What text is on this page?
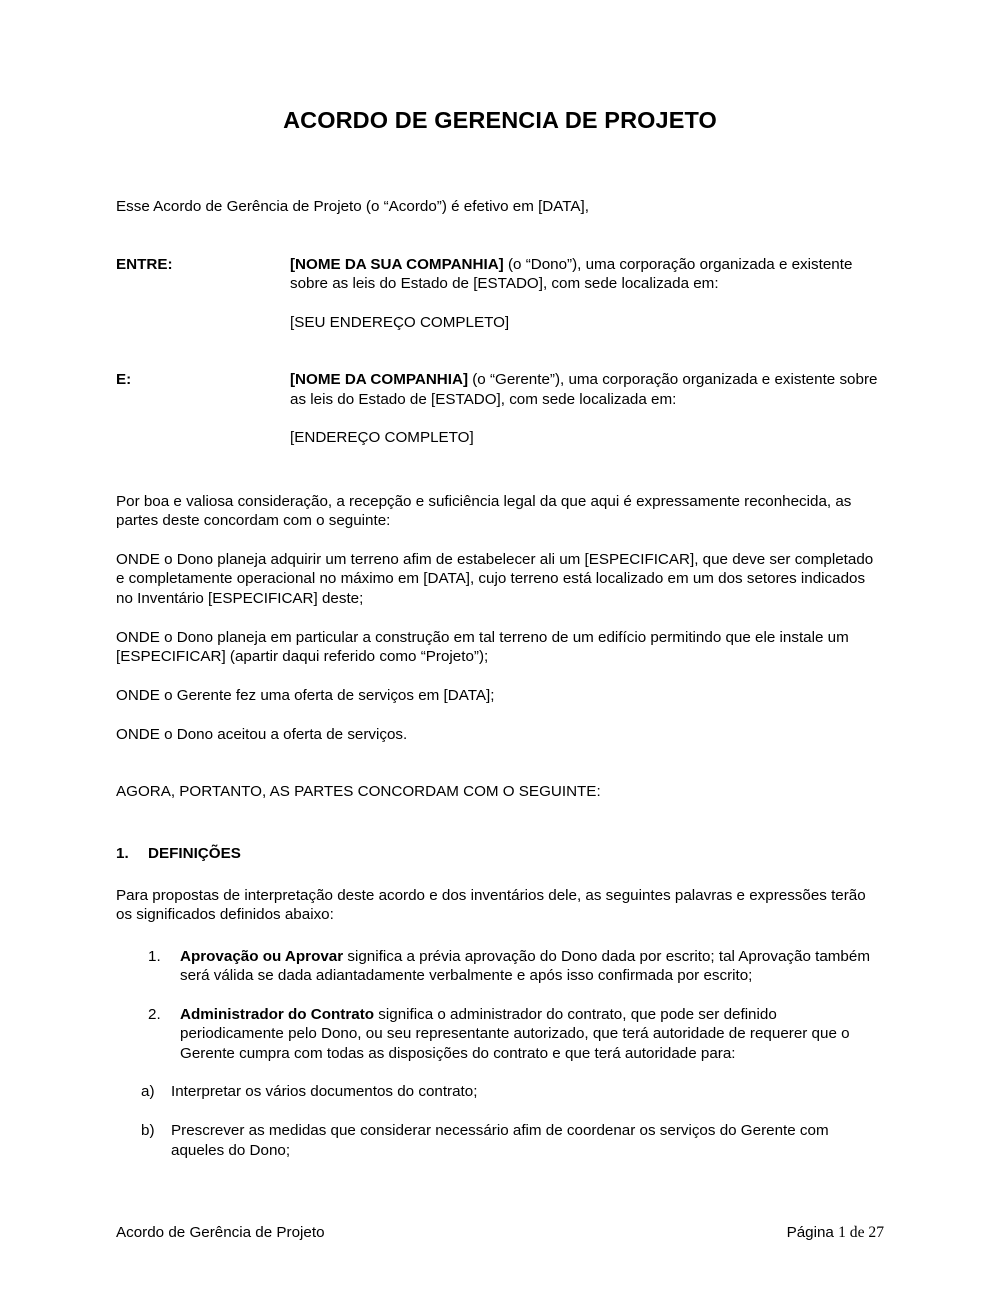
ACORDO DE GERENCIA DE PROJETO

Esse Acordo de Gerência de Projeto (o “Acordo”) é efetivo em [DATA],

ENTRE:	[NOME DA SUA COMPANHIA] (o “Dono”), uma corporação organizada e existente sobre as leis do Estado de [ESTADO], com sede localizada em:
[SEU ENDEREÇO COMPLETO]
E:	[NOME DA COMPANHIA] (o “Gerente”), uma corporação organizada e existente sobre as leis do Estado de [ESTADO], com sede localizada em:
[ENDEREÇO COMPLETO]

Por boa e valiosa consideração, a recepção e suficiência legal da que aqui é expressamente reconhecida, as partes deste concordam com o seguinte:

ONDE o Dono planeja adquirir um terreno afim de estabelecer ali um [ESPECIFICAR], que deve ser completado e completamente operacional no máximo em [DATA], cujo terreno está localizado em um dos setores indicados no Inventário [ESPECIFICAR] deste;

ONDE o Dono planeja em particular a construção em tal terreno de um edifício permitindo que ele instale um [ESPECIFICAR] (apartir daqui referido como “Projeto”);

ONDE o Gerente fez uma oferta de serviços em [DATA];

ONDE o Dono aceitou a oferta de serviços.

AGORA, PORTANTO, AS PARTES CONCORDAM COM O SEGUINTE:

1.	DEFINIÇÕES

Para propostas de interpretação deste acordo e dos inventários dele, as seguintes palavras e expressões terão os significados definidos abaixo:

1.	Aprovação ou Aprovar significa a prévia aprovação do Dono dada por escrito; tal Aprovação também será válida se dada adiantadamente verbalmente e após isso confirmada por escrito;
2.	Administrador do Contrato significa o administrador do contrato, que pode ser definido periodicamente pelo Dono, ou seu representante autorizado, que terá autoridade de requerer que o Gerente cumpra com todas as disposições do contrato e que terá autoridade para:
a)	Interpretar os vários documentos do contrato;
b)	Prescrever as medidas que considerar necessário afim de coordenar os serviços do Gerente com aqueles do Dono;
Acordo de Gerência de Projeto	Página 1 de 27
